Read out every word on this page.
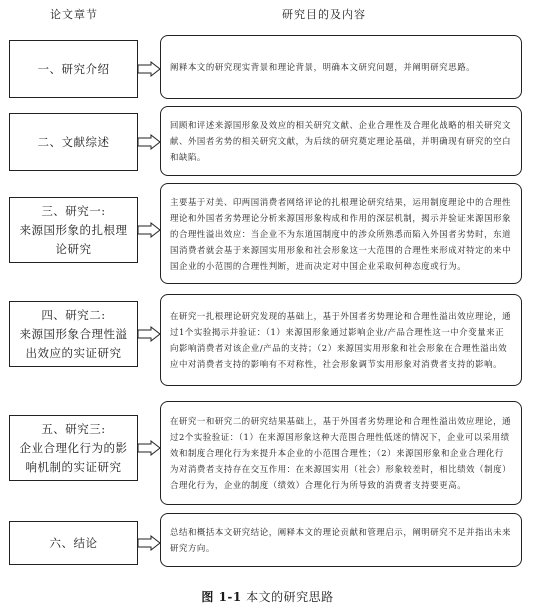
论文章节	研究目的及内容
一、研究介绍	阐释本文的研究现实背景和理论背景，明确本文研究问题，并阐明研究思路。
二、文献综述
回顾和评述来源国形象及效应的相关研究文献、企业合理性及合理化战略的相关研究文献、外国者劣势的相关研究文献，为后续的研究奠定理论基础，并明确现有研究的空白和缺陷。
三、研究一:
来源国形象的扎根理
论研究
主要基于对美、印两国消费者网络评论的扎根理论研究结果，运用制度理论中的合理性理论和外国者劣势理论分析来源国形象构成和作用的深层机制，揭示并验证来源国形象的合理性溢出效应：当企业不为东道国制度中的涉众所熟悉而陷入外国者劣势时，东道国消费者就会基于来源国实用形象和社会形象这一大范围的合理性来形成对特定的来中国企业的小范围的合理性判断，进而决定对中国企业采取何种态度或行为。
四、研究二:
来源国形象合理性溢
出效应的实证研究
在研究一扎根理论研究发现的基础上，基于外国者劣势理论和合理性溢出效应理论，通过1个实验揭示并验证：（1）来源国形象通过影响企业/产品合理性这一中介变量来正向影响消费者对该企业/产品的支持；（2）来源国实用形象和社会形象在合理性溢出效应中对消费者支持的影响有不对称性，社会形象调节实用形象对消费者支持的影响。
五、研究三:
企业合理化行为的影
响机制的实证研究
在研究一和研究二的研究结果基础上，基于外国者劣势理论和合理性溢出效应理论，通过2个实验验证：（1）在来源国形象这种大范围合理性低迷的情况下，企业可以采用绩效和制度合理化行为来提升本企业的小范围合理性；（2）来源国形象和企业合理化行为对消费者支持存在交互作用：在来源国实用（社会）形象较差时，相比绩效（制度）合理化行为，企业的制度（绩效）合理化行为所导致的消费者支持要更高。
六、结论
总结和概括本文研究结论，阐释本文的理论贡献和管理启示，阐明研究不足并指出未来研究方向。
图 1-1 本文的研究思路
